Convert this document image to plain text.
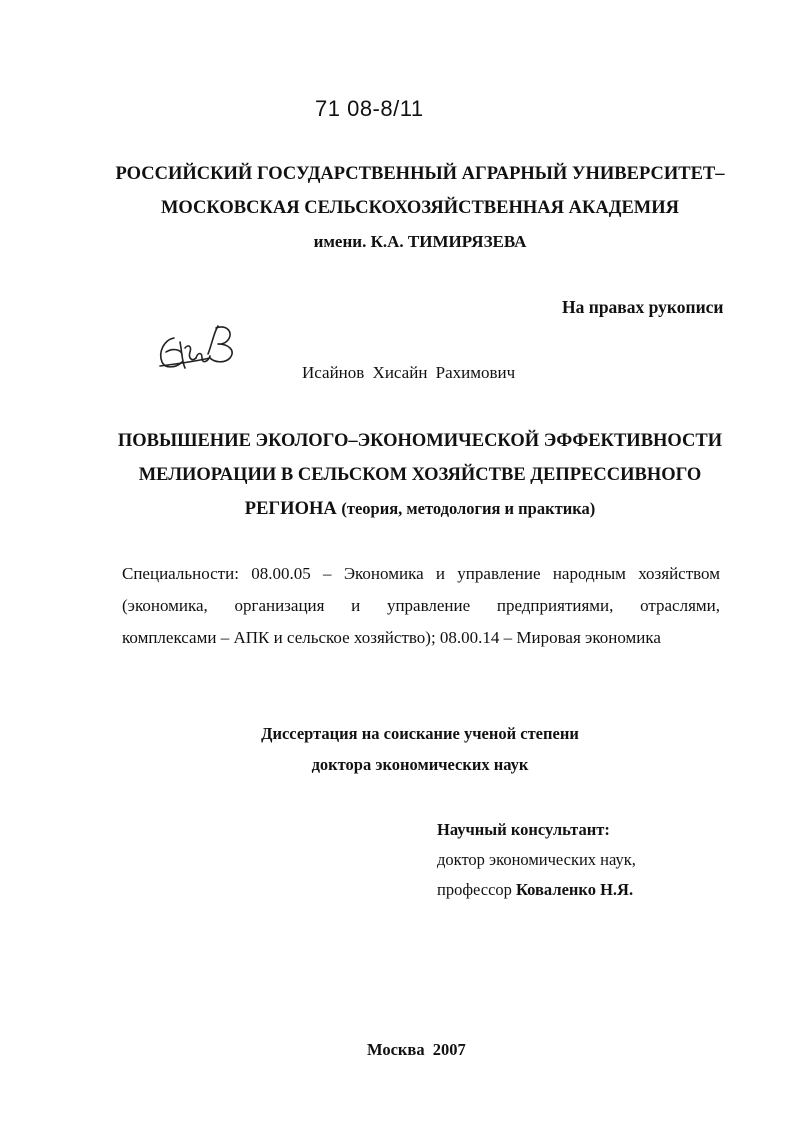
71 08-8/11
РОССИЙСКИЙ ГОСУДАРСТВЕННЫЙ АГРАРНЫЙ УНИВЕРСИТЕТ–
МОСКОВСКАЯ СЕЛЬСКОХОЗЯЙСТВЕННАЯ АКАДЕМИЯ
имени. К.А. ТИМИРЯЗЕВА
На правах рукописи
Исайнов Хисайн Рахимович
ПОВЫШЕНИЕ ЭКОЛОГО–ЭКОНОМИЧЕСКОЙ ЭФФЕКТИВНОСТИ
МЕЛИОРАЦИИ В СЕЛЬСКОМ ХОЗЯЙСТВЕ ДЕПРЕССИВНОГО
РЕГИОНА (теория, методология и практика)
Специальности: 08.00.05 – Экономика и управление народным хозяйством
(экономика, организация и управление предприятиями, отраслями,
комплексами – АПК и сельское хозяйство); 08.00.14 – Мировая экономика
Диссертация на соискание ученой степени
доктора экономических наук
Научный консультант:
доктор экономических наук,
профессор Коваленко Н.Я.
Москва 2007
